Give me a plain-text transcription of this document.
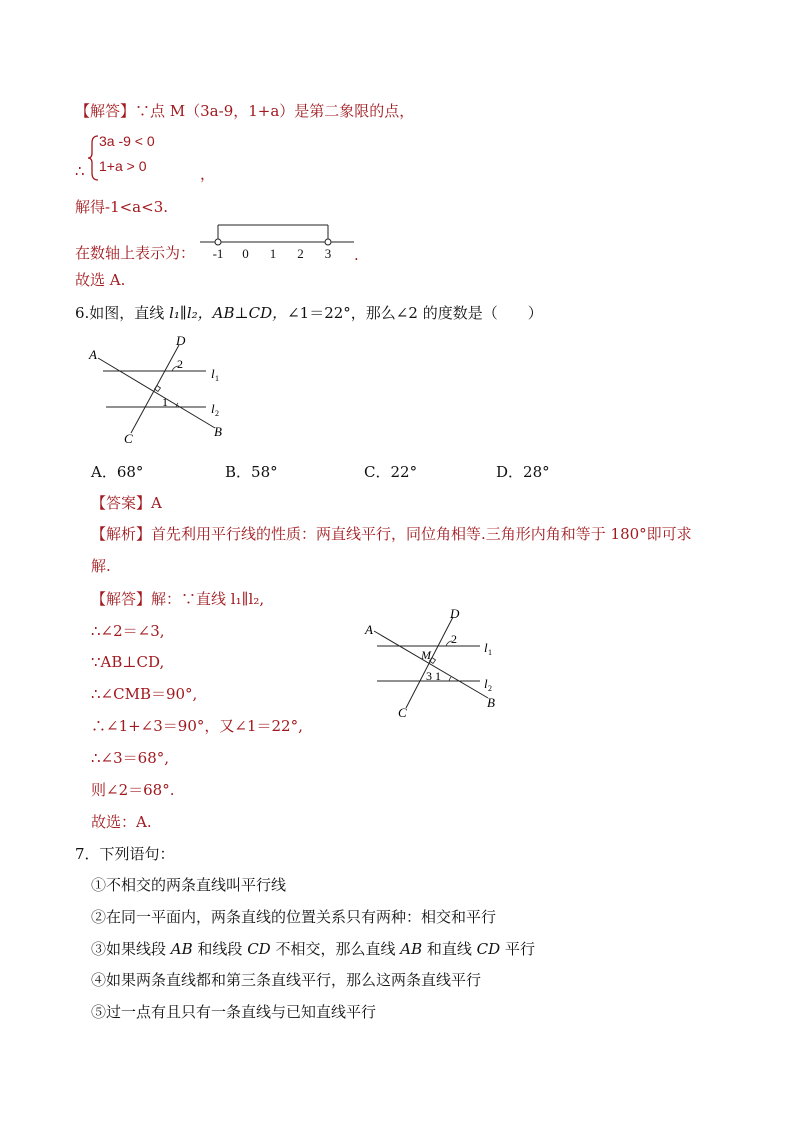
【解答】∵点 M（3a-9，1+a）是第二象限的点，
∴
3a -9 < 0
1+a > 0	，
解得-1<a<3.
在数轴上表示为： -1 0 1 2 3 .
故选 A.
6.如图，直线 l₁∥l₂，AB⊥CD，∠1＝22°，那么∠2 的度数是（　　）
A
D
l 1
l 2
B
C
2
1
A．68°	B．58°	C．22°	D．28°
【答案】A
【解析】首先利用平行线的性质：两直线平行，同位角相等.三角形内角和等于 180°即可求
解.
【解答】解：∵直线 l₁∥l₂,
∴∠2＝∠3,
∵AB⊥CD,
∴∠CMB＝90°,
∴∠1+∠3＝90°，又∠1＝22°,
∴∠3＝68°,
则∠2＝68°.
故选：A.
A
D
M	l 1
l 2
B
C
2
3 1
7．下列语句：
①不相交的两条直线叫平行线
②在同一平面内，两条直线的位置关系只有两种：相交和平行
③如果线段 AB 和线段 CD 不相交，那么直线 AB 和直线 CD 平行
④如果两条直线都和第三条直线平行，那么这两条直线平行
⑤过一点有且只有一条直线与已知直线平行
